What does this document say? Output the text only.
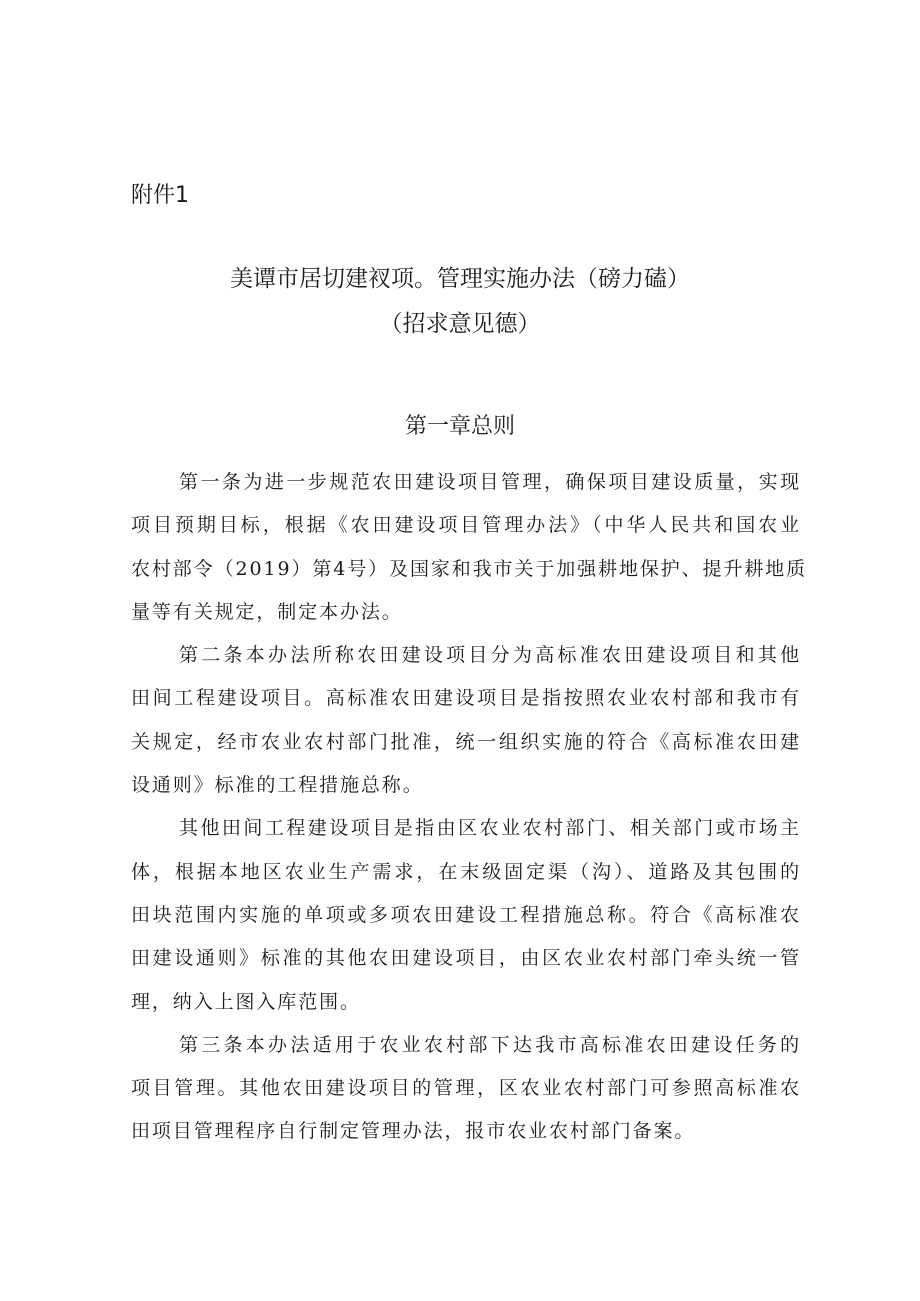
附件1
美谭市居切建衩项。管理实施办法（磅力磕）
（招求意见德）
第一章总则
第一条为进一步规范农田建设项目管理，确保项目建设质量，实现
项目预期目标，根据《农田建设项目管理办法》（中华人民共和国农业
农村部令（2019）第4号）及国家和我市关于加强耕地保护、提升耕地质
量等有关规定，制定本办法。
第二条本办法所称农田建设项目分为高标准农田建设项目和其他
田间工程建设项目。高标准农田建设项目是指按照农业农村部和我市有
关规定，经市农业农村部门批准，统一组织实施的符合《高标准农田建
设通则》标准的工程措施总称。
其他田间工程建设项目是指由区农业农村部门、相关部门或市场主
体，根据本地区农业生产需求，在末级固定渠（沟）、道路及其包围的
田块范围内实施的单项或多项农田建设工程措施总称。符合《高标准农
田建设通则》标准的其他农田建设项目，由区农业农村部门牵头统一管
理，纳入上图入库范围。
第三条本办法适用于农业农村部下达我市高标准农田建设任务的
项目管理。其他农田建设项目的管理，区农业农村部门可参照高标准农
田项目管理程序自行制定管理办法，报市农业农村部门备案。
